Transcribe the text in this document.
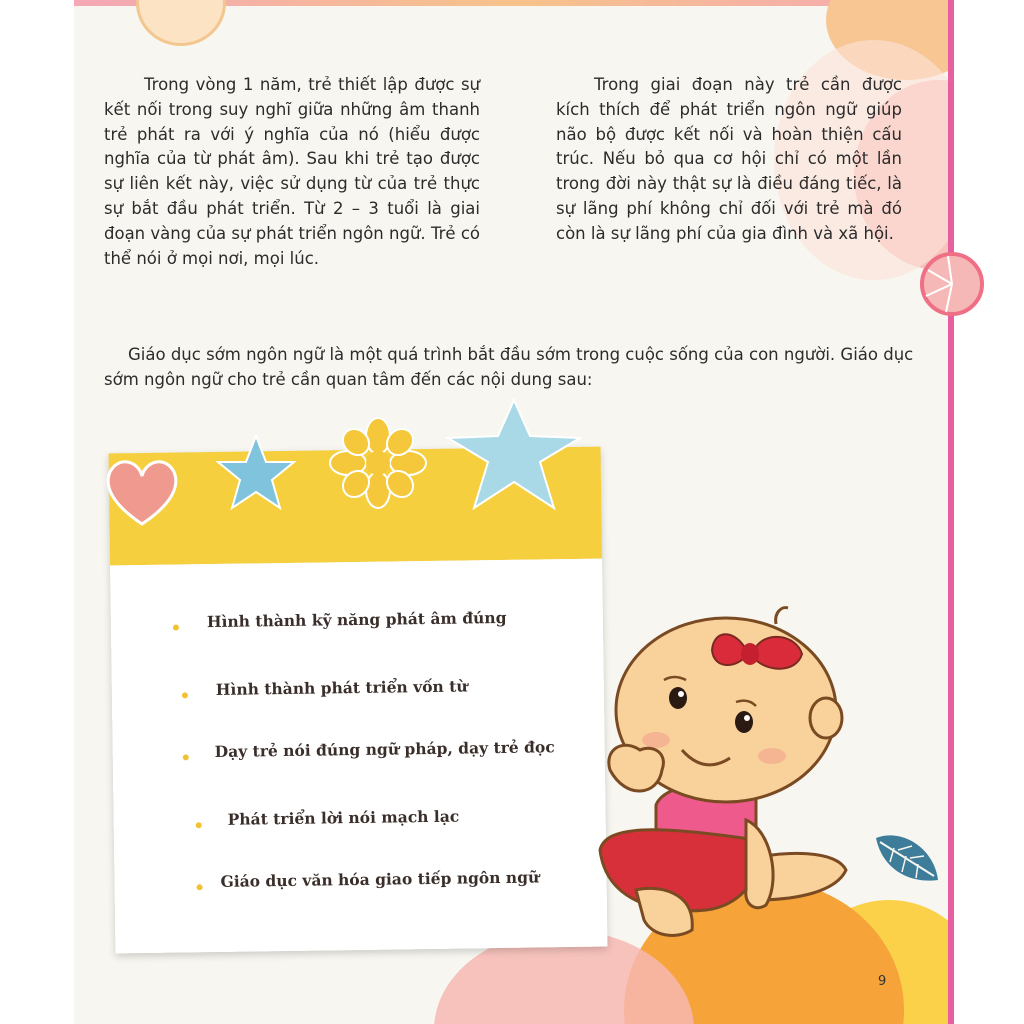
Trong vòng 1 năm, trẻ thiết lập được sự kết nối trong suy nghĩ giữa những âm thanh trẻ phát ra với ý nghĩa của nó (hiểu được nghĩa của từ phát âm). Sau khi trẻ tạo được sự liên kết này, việc sử dụng từ của trẻ thực sự bắt đầu phát triển. Từ 2 – 3 tuổi là giai đoạn vàng của sự phát triển ngôn ngữ. Trẻ có thể nói ở mọi nơi, mọi lúc.
Trong giai đoạn này trẻ cần được kích thích để phát triển ngôn ngữ giúp não bộ được kết nối và hoàn thiện cấu trúc. Nếu bỏ qua cơ hội chỉ có một lần trong đời này thật sự là điều đáng tiếc, là sự lãng phí không chỉ đối với trẻ mà đó còn là sự lãng phí của gia đình và xã hội.
Giáo dục sớm ngôn ngữ là một quá trình bắt đầu sớm trong cuộc sống của con người. Giáo dục sớm ngôn ngữ cho trẻ cần quan tâm đến các nội dung sau:
Hình thành kỹ năng phát âm đúng
Hình thành phát triển vốn từ
Dạy trẻ nói đúng ngữ pháp, dạy trẻ đọc
Phát triển lời nói mạch lạc
Giáo dục văn hóa giao tiếp ngôn ngữ
9
